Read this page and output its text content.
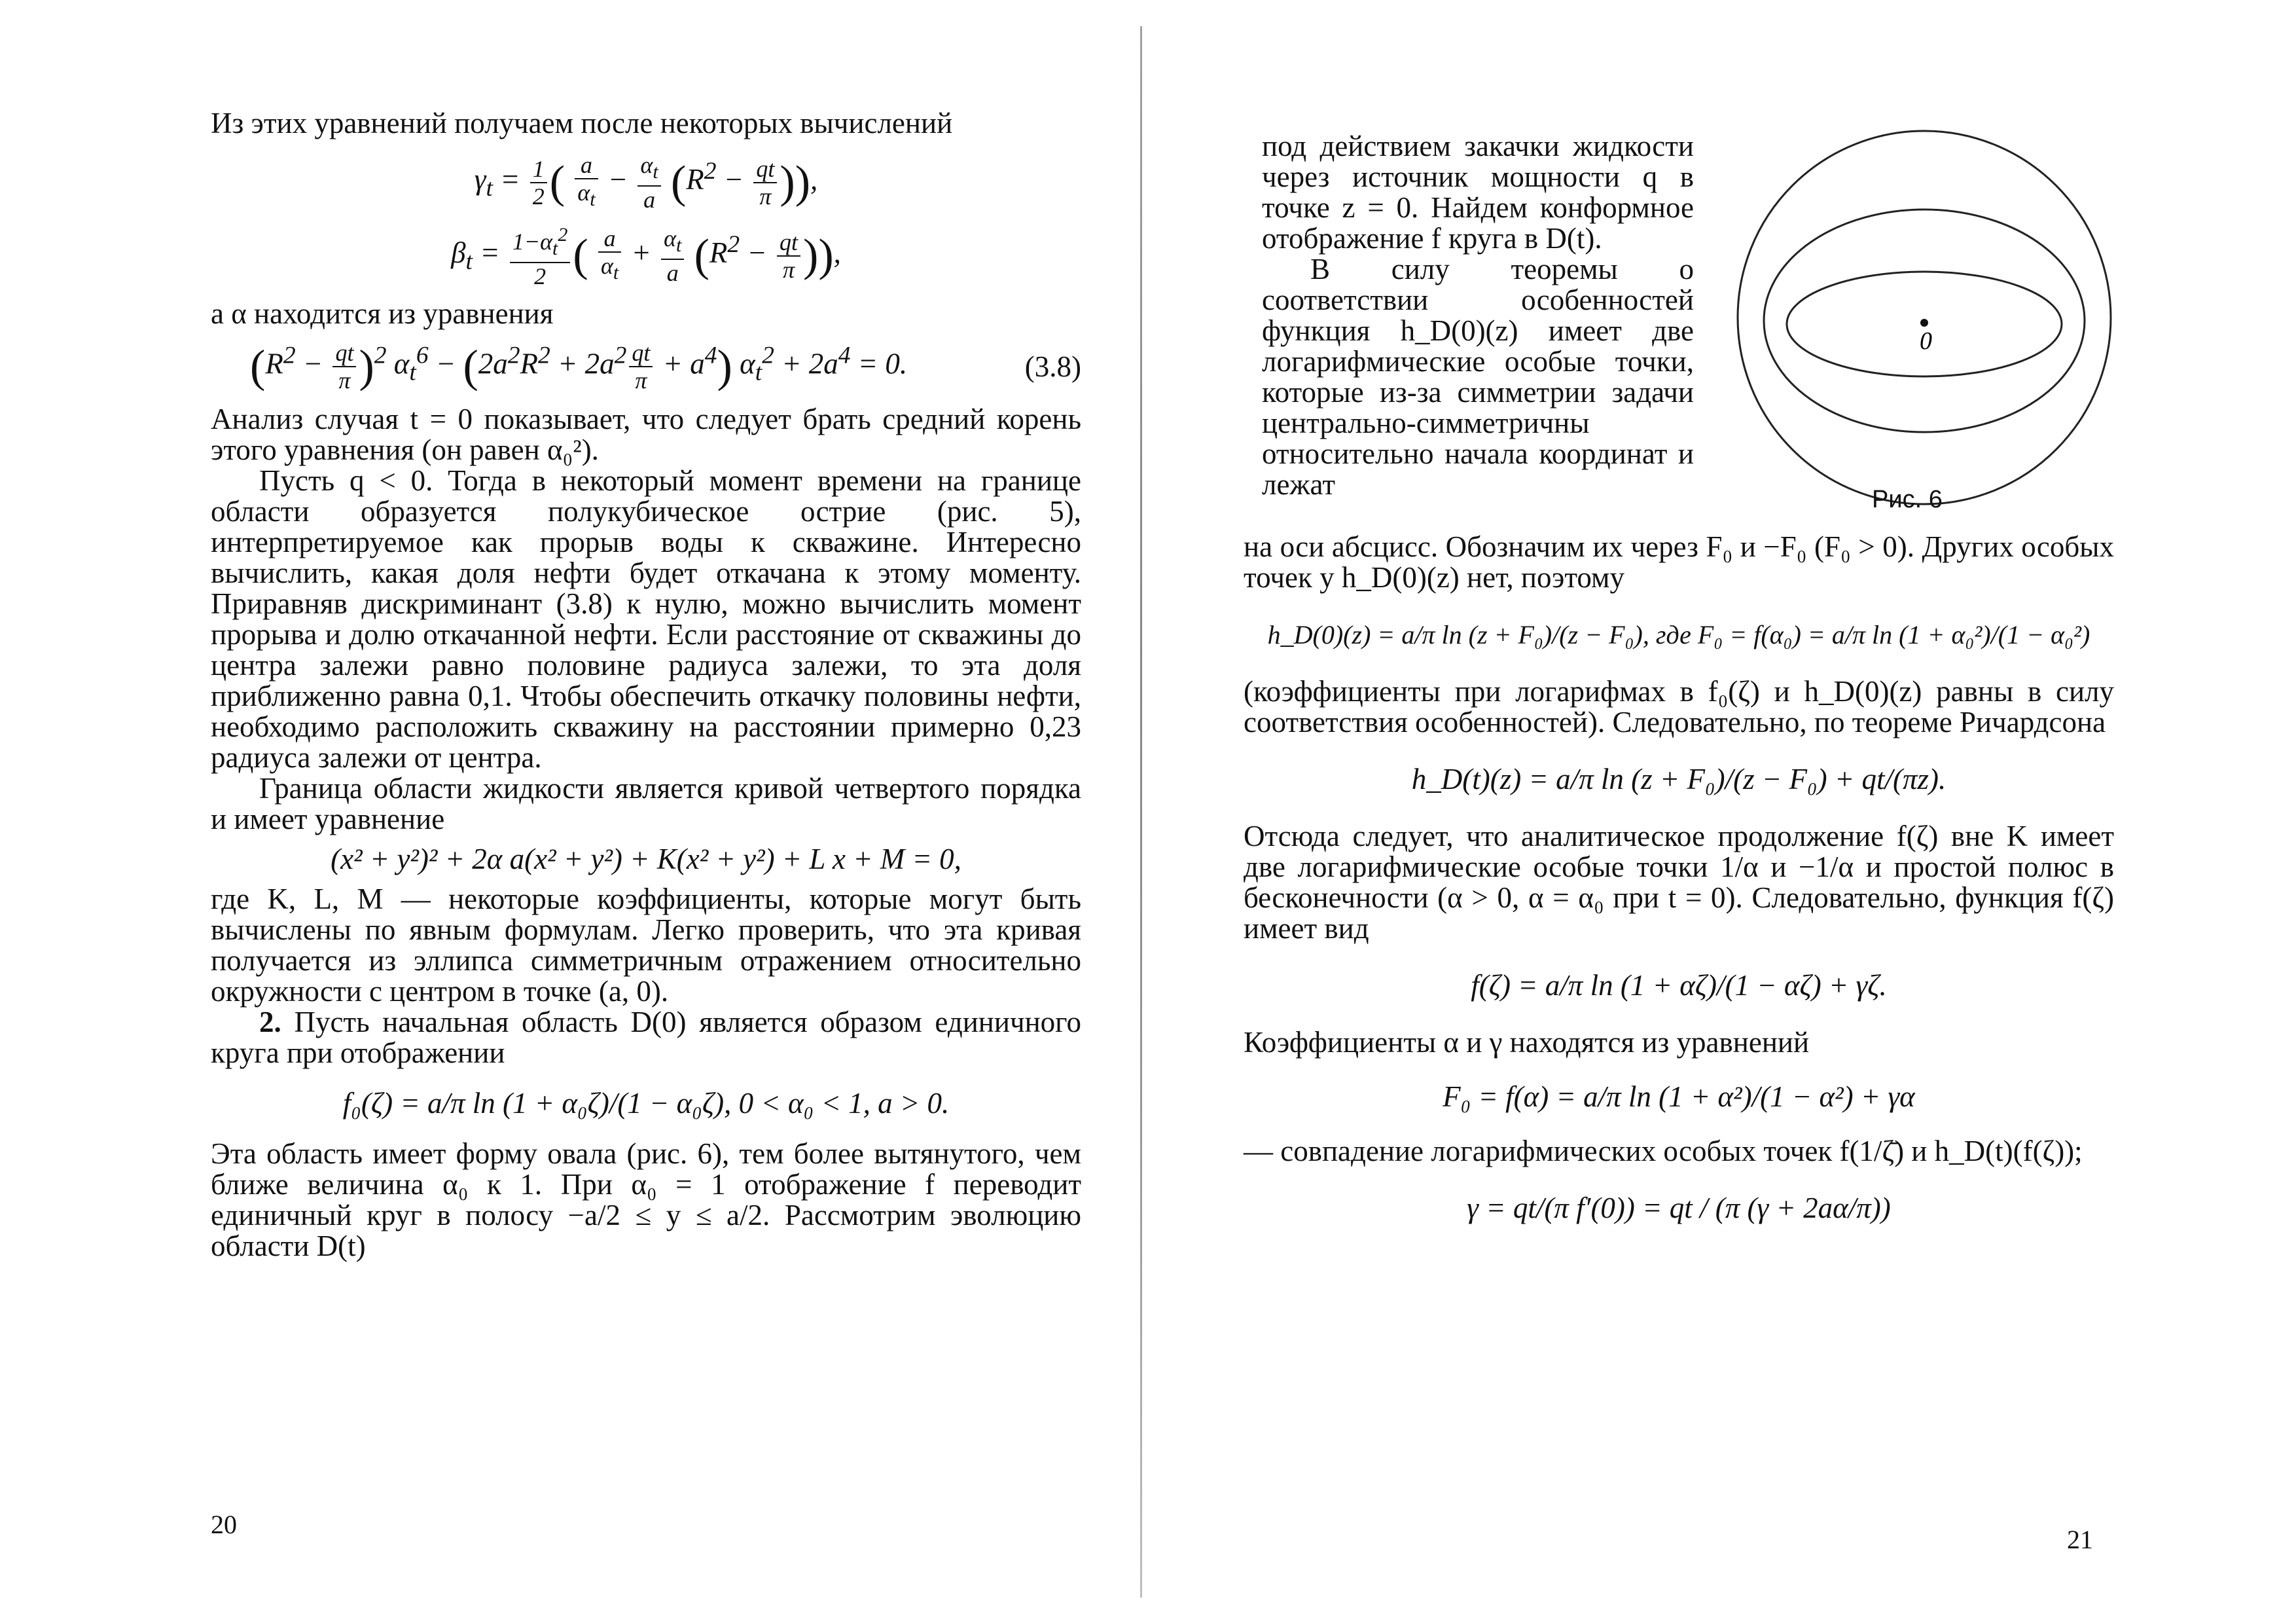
Из этих уравнений получаем после некоторых вычислений

$\gamma_t = \frac{1}{2}$ ( $\frac{a}{\alpha_t} - \frac{\alpha_t}{a} (R^2 - \frac{qt}{\pi}$ )),
$\beta_t = \frac{1-\alpha_t^2}{2}$ ( $\frac{a}{\alpha_t} + \frac{\alpha_t}{a} (R^2 - \frac{qt}{\pi}$ )),

а α находится из уравнения

$(R^2 - \frac{qt}{\pi} )^2$ $\alpha_t^6 - (2a^2R^2 + 2a^2 \frac{qt}{\pi} + a^4) \alpha_t^2 + 2a^4 = 0$.	(3.8)

Анализ случая t = 0 показывает, что следует брать средний корень этого уравнения (он равен α₀²).

Пусть q < 0. Тогда в некоторый момент времени на границе области образуется полукубическое острие (рис. 5), интерпретируемое как прорыв воды к скважине. Интересно вычислить, какая доля нефти будет откачана к этому моменту. Приравняв дискриминант (3.8) к нулю, можно вычислить момент прорыва и долю откачанной нефти. Если расстояние от скважины до центра залежи равно половине радиуса залежи, то эта доля приближенно равна 0,1. Чтобы обеспечить откачку половины нефти, необходимо расположить скважину на расстоянии примерно 0,23 радиуса залежи от центра.

Граница области жидкости является кривой четвертого порядка и имеет уравнение

(x² + y²)² + 2α a(x² + y²) + K(x² + y²) + L x + M = 0,

где K, L, M — некоторые коэффициенты, которые могут быть вычислены по явным формулам. Легко проверить, что эта кривая получается из эллипса симметричным отражением относительно окружности с центром в точке (a, 0).

2. Пусть начальная область D(0) является образом единичного круга при отображении

f₀(ζ) = a/π ln (1 + α₀ζ)/(1 − α₀ζ), 0 < α₀ < 1, a > 0.

Эта область имеет форму овала (рис. 6), тем более вытянутого, чем ближе величина α₀ к 1. При α₀ = 1 отображение f переводит единичный круг в полосу −a/2 ≤ y ≤ a/2. Рассмотрим эволюцию области D(t)

20

под действием закачки жидкости через источник мощности q в точке z = 0. Найдем конформное отображение f круга в D(t).

В силу теоремы о соответствии особенностей функция h_D(0)(z) имеет две логарифмические особые точки, которые из-за симметрии задачи центрально-симметричны относительно начала координат и лежат

0
Рис. 6

на оси абсцисс. Обозначим их через F₀ и −F₀ (F₀ > 0). Других особых точек у h_D(0)(z) нет, поэтому

h_D(0)(z) = a/π ln (z + F₀)/(z − F₀), где F₀ = f(α₀) = a/π ln (1 + α₀²)/(1 − α₀²)

(коэффициенты при логарифмах в f₀(ζ) и h_D(0)(z) равны в силу соответствия особенностей). Следовательно, по теореме Ричардсона

h_D(t)(z) = a/π ln (z + F₀)/(z − F₀) + qt/(πz).

Отсюда следует, что аналитическое продолжение f(ζ) вне K имеет две логарифмические особые точки 1/α и −1/α и простой полюс в бесконечности (α > 0, α = α₀ при t = 0). Следовательно, функция f(ζ) имеет вид

f(ζ) = a/π ln (1 + αζ)/(1 − αζ) + γζ.

Коэффициенты α и γ находятся из уравнений

F₀ = f(α) = a/π ln (1 + α²)/(1 − α²) + γα

— совпадение логарифмических особых точек f(1/ζ̄) и h_D(t)(f(ζ));

γ = qt/(π f′(0)) = qt / (π (γ + 2aα/π))
21
